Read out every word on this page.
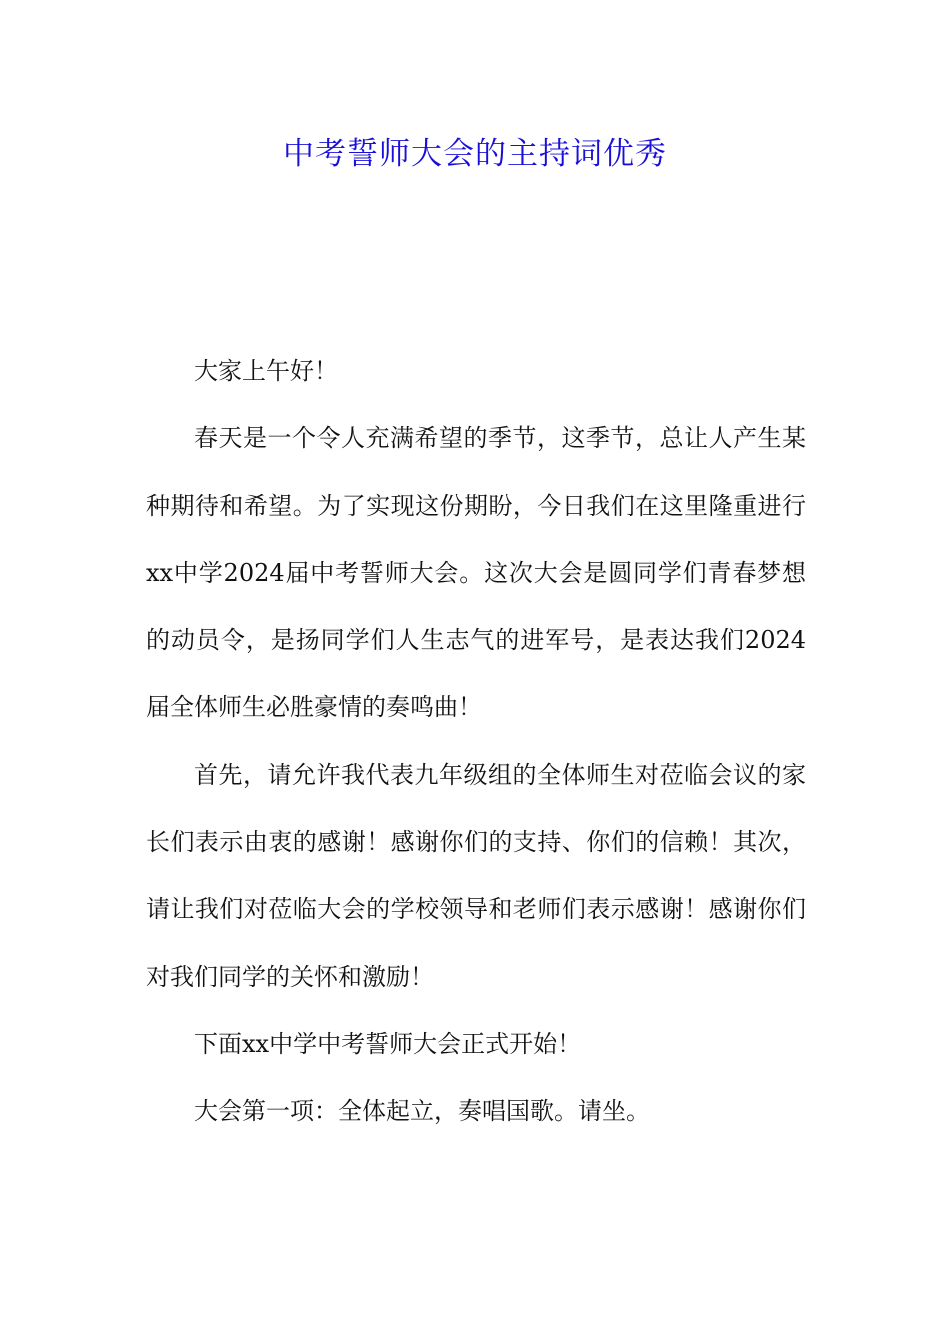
中考誓师大会的主持词优秀

大家上午好！

春天是一个令人充满希望的季节，这季节，总让人产生某种期待和希望。为了实现这份期盼，今日我们在这里隆重进行xx中学2024届中考誓师大会。这次大会是圆同学们青春梦想的动员令，是扬同学们人生志气的进军号，是表达我们2024届全体师生必胜豪情的奏鸣曲！

首先，请允许我代表九年级组的全体师生对莅临会议的家长们表示由衷的感谢！感谢你们的支持、你们的信赖！其次，请让我们对莅临大会的学校领导和老师们表示感谢！感谢你们对我们同学的关怀和激励！

下面xx中学中考誓师大会正式开始！

大会第一项：全体起立，奏唱国歌。请坐。
